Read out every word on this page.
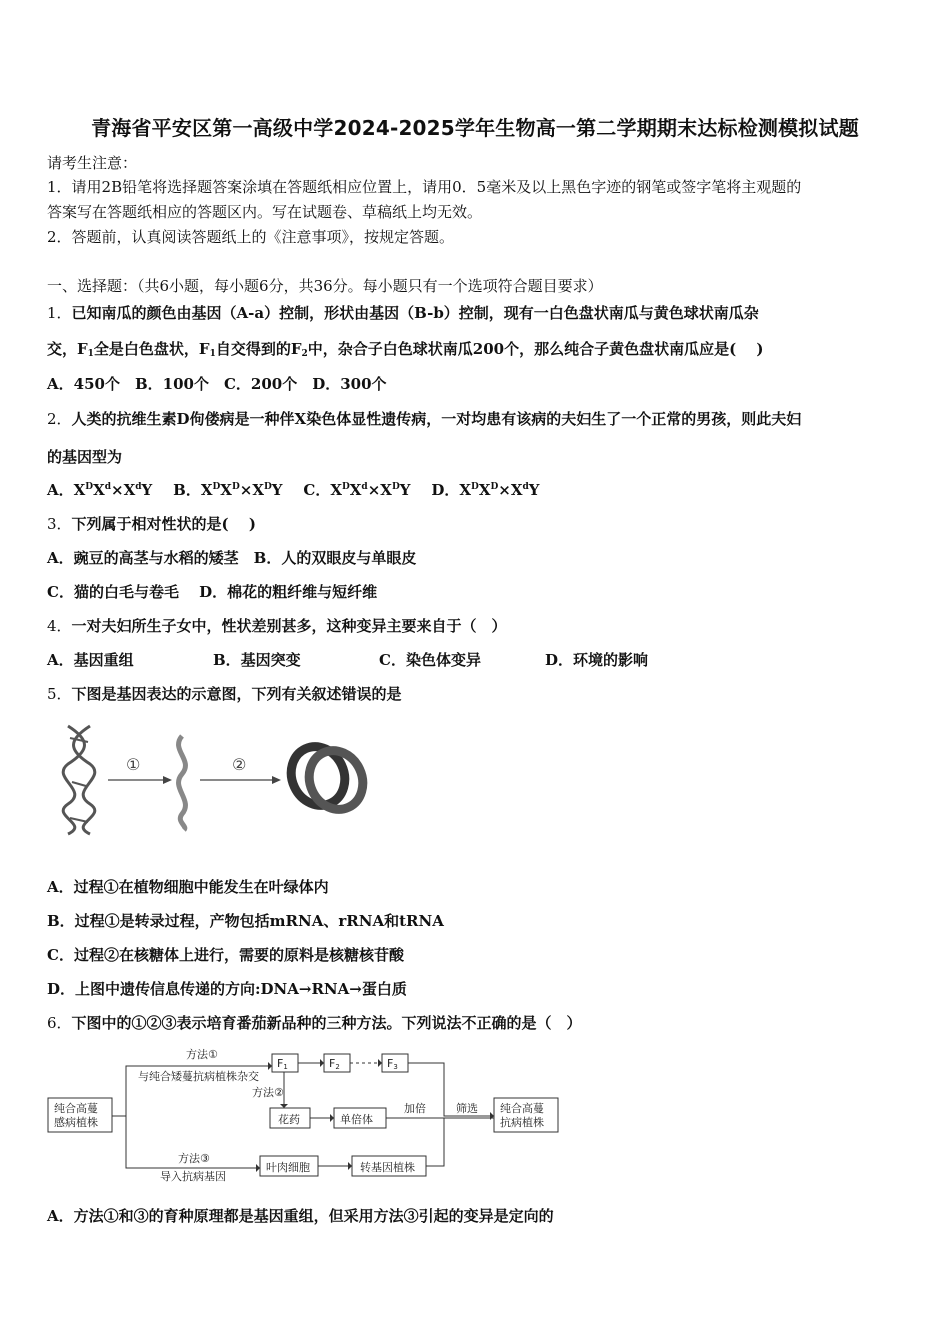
青海省平安区第一高级中学2024-2025学年生物高一第二学期期末达标检测模拟试题
请考生注意：
1．请用2B铅笔将选择题答案涂填在答题纸相应位置上，请用0．5毫米及以上黑色字迹的钢笔或签字笔将主观题的
答案写在答题纸相应的答题区内。写在试题卷、草稿纸上均无效。
2．答题前，认真阅读答题纸上的《注意事项》，按规定答题。
一、选择题：（共6小题，每小题6分，共36分。每小题只有一个选项符合题目要求）
1．已知南瓜的颜色由基因（A-a）控制，形状由基因（B-b）控制，现有一白色盘状南瓜与黄色球状南瓜杂
交，$F_1$全是白色盘状，$F_1$自交得到的$F_2$中，杂合子白色球状南瓜200个，那么纯合子黄色盘状南瓜应是(　 )
A．450个　B．100个　C．200个　D．300个
2．人类的抗维生素D佝偻病是一种伴X染色体显性遗传病，一对均患有该病的夫妇生了一个正常的男孩，则此夫妇
的基因型为
A．$X^DX^d\times X^dY$ B．$X^DX^D\times X^DY$ C．$X^DX^d\times X^DY$ D．$X^DX^D\times X^dY$
3．下列属于相对性状的是(　 )
A．豌豆的高茎与水稻的矮茎　B．人的双眼皮与单眼皮
C．猫的白毛与卷毛　 D．棉花的粗纤维与短纤维
4．一对夫妇所生子女中，性状差别甚多，这种变异主要来自于（　）
A．基因重组	B．基因突变	C．染色体变异	D．环境的影响
5．下图是基因表达的示意图，下列有关叙述错误的是
①	②
A．过程①在植物细胞中能发生在叶绿体内
B．过程①是转录过程，产物包括mRNA、rRNA和tRNA
C．过程②在核糖体上进行，需要的原料是核糖核苷酸
D．上图中遗传信息传递的方向:DNA→RNA→蛋白质
6．下图中的①②③表示培育番茄新品种的三种方法。下列说法不正确的是（　）
纯合高蔓
感病植株
方法①
与纯合矮蔓抗病植株杂交
F1	F2	F3
方法②
花药	单倍体
加倍	筛选 纯合高蔓
抗病植株
方法③
导入抗病基因
叶肉细胞	转基因植株
A．方法①和③的育种原理都是基因重组，但采用方法③引起的变异是定向的
